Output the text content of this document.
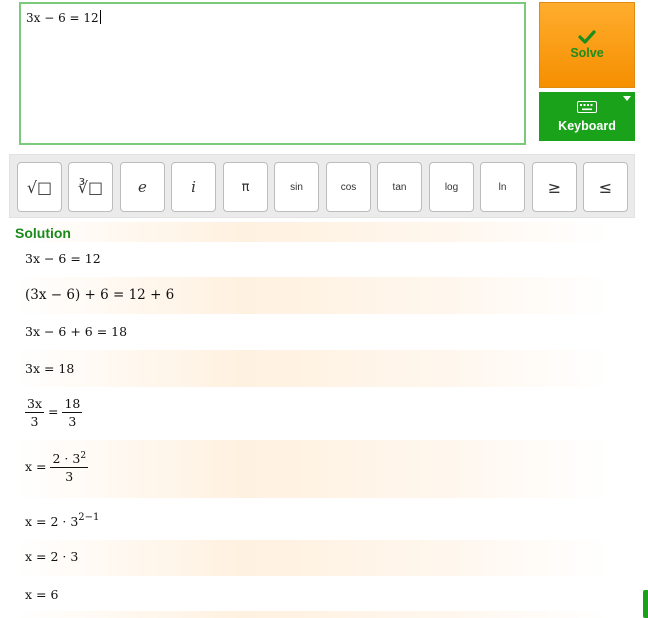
3x − 6 = 12
Solve
Keyboard
√□ ∛□ e	i	π	sin	cos	tan	log	ln	≥ ≤
Solution
3x − 6 = 12
(3x − 6) + 6 = 12 + 6
3x − 6 + 6 = 18
3x = 18
$\frac{3x}{3} = \frac{18}{3}$
$x = \frac{2 \cdot 3^2}{3}$
$x = 2 \cdot 3^{2-1}$
x = 2 · 3
x = 6
